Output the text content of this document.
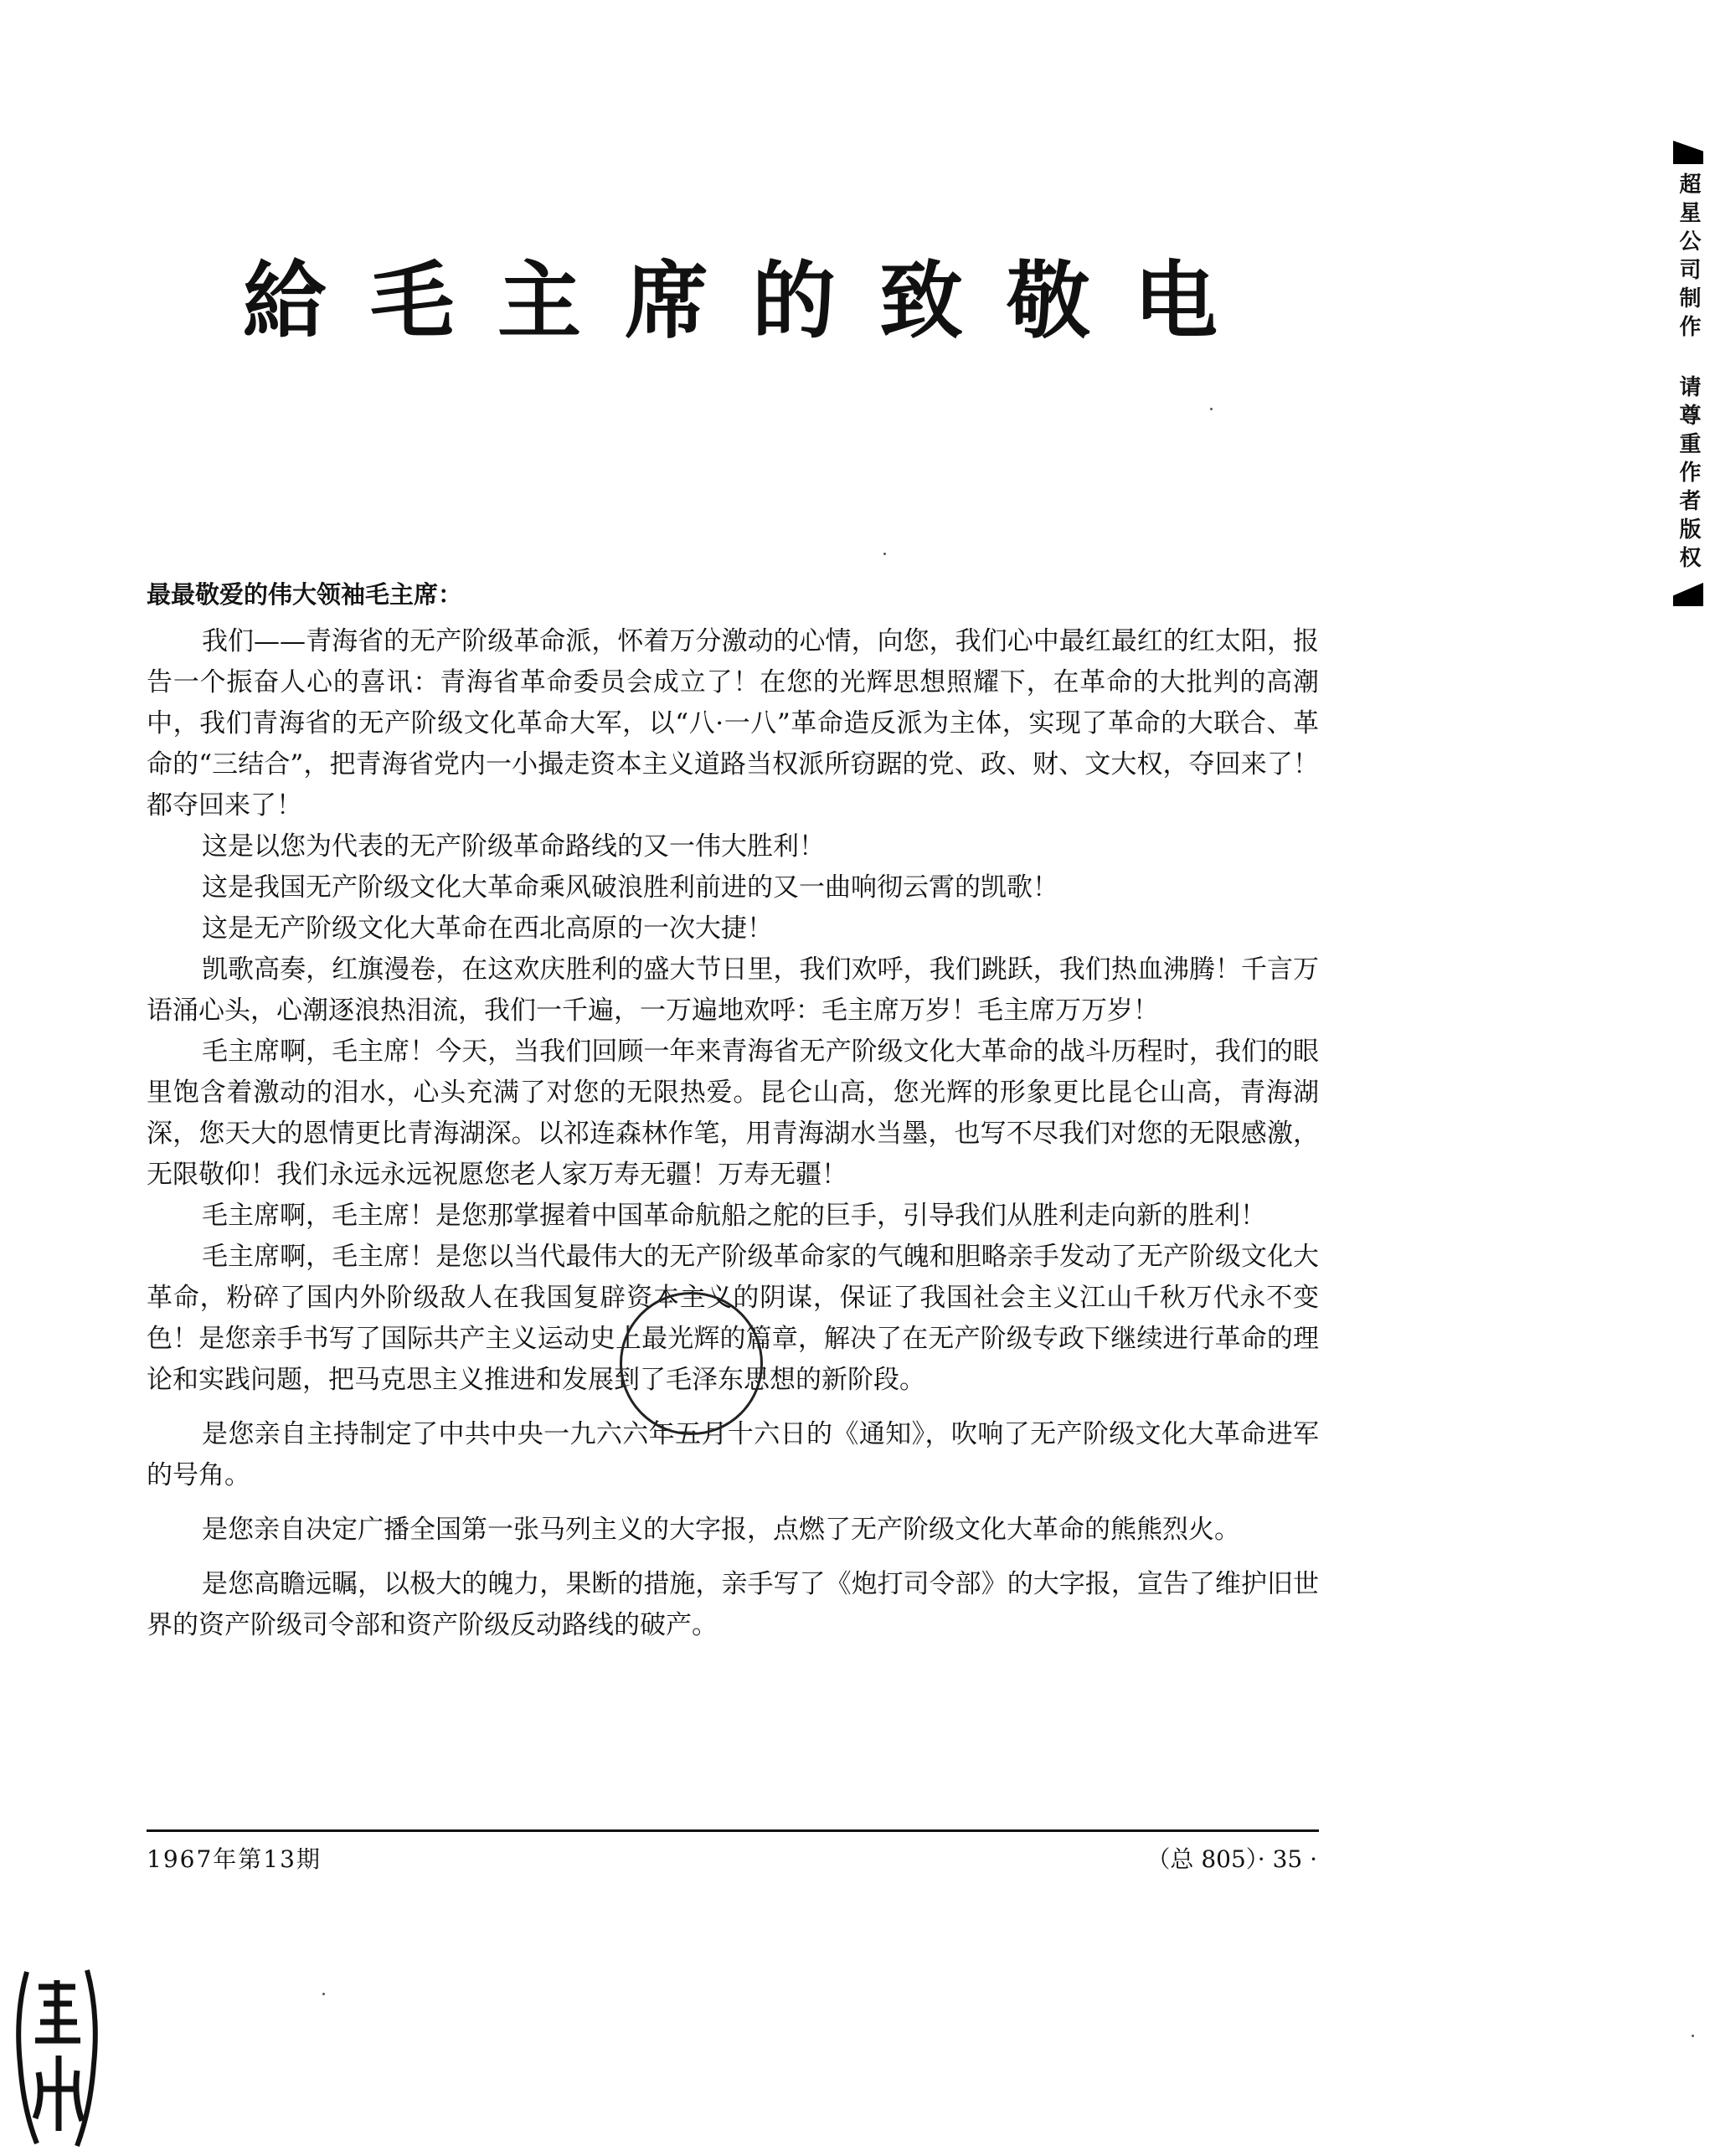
給毛主席的致敬电	超星公司制作 请尊重作者版权
最最敬爱的伟大领袖毛主席：

我们——青海省的无产阶级革命派，怀着万分激动的心情，向您，我们心中最红最红的红太阳，报告一个振奋人心的喜讯：青海省革命委员会成立了！在您的光辉思想照耀下，在革命的大批判的高潮中，我们青海省的无产阶级文化革命大军，以“八·一八”革命造反派为主体，实现了革命的大联合、革命的“三结合”，把青海省党内一小撮走资本主义道路当权派所窃踞的党、政、财、文大权，夺回来了！都夺回来了！

这是以您为代表的无产阶级革命路线的又一伟大胜利！

这是我国无产阶级文化大革命乘风破浪胜利前进的又一曲响彻云霄的凯歌！

这是无产阶级文化大革命在西北高原的一次大捷！

凯歌高奏，红旗漫卷，在这欢庆胜利的盛大节日里，我们欢呼，我们跳跃，我们热血沸腾！千言万语涌心头，心潮逐浪热泪流，我们一千遍，一万遍地欢呼：毛主席万岁！毛主席万万岁！

毛主席啊，毛主席！今天，当我们回顾一年来青海省无产阶级文化大革命的战斗历程时，我们的眼里饱含着激动的泪水，心头充满了对您的无限热爱。昆仑山高，您光辉的形象更比昆仑山高，青海湖深，您天大的恩情更比青海湖深。以祁连森林作笔，用青海湖水当墨，也写不尽我们对您的无限感激，无限敬仰！我们永远永远祝愿您老人家万寿无疆！万寿无疆！

毛主席啊，毛主席！是您那掌握着中国革命航船之舵的巨手，引导我们从胜利走向新的胜利！

毛主席啊，毛主席！是您以当代最伟大的无产阶级革命家的气魄和胆略亲手发动了无产阶级文化大革命，粉碎了国内外阶级敌人在我国复辟资本主义的阴谋，保证了我国社会主义江山千秋万代永不变色！是您亲手书写了国际共产主义运动史上最光辉的篇章，解决了在无产阶级专政下继续进行革命的理论和实践问题，把马克思主义推进和发展到了毛泽东思想的新阶段。

是您亲自主持制定了中共中央一九六六年五月十六日的《通知》，吹响了无产阶级文化大革命进军的号角。

是您亲自决定广播全国第一张马列主义的大字报，点燃了无产阶级文化大革命的熊熊烈火。

是您高瞻远瞩，以极大的魄力，果断的措施，亲手写了《炮打司令部》的大字报，宣告了维护旧世界的资产阶级司令部和资产阶级反动路线的破产。

1967年第13期	（总 805）· 35 ·
